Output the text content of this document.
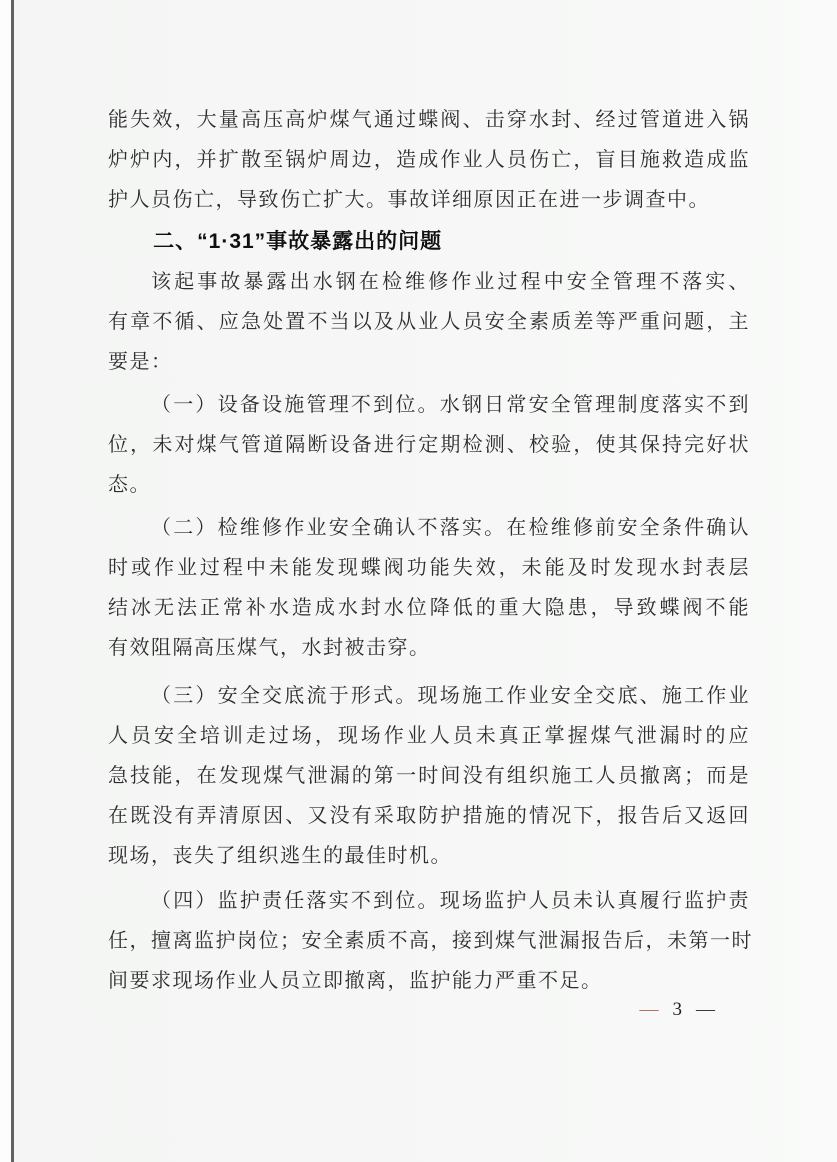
能失效，大量高压高炉煤气通过蝶阀、击穿水封、经过管道进入锅
炉炉内，并扩散至锅炉周边，造成作业人员伤亡，盲目施救造成监
护人员伤亡，导致伤亡扩大。事故详细原因正在进一步调查中。
二、“1·31”事故暴露出的问题
该起事故暴露出水钢在检维修作业过程中安全管理不落实、
有章不循、应急处置不当以及从业人员安全素质差等严重问题，主
要是：
（一）设备设施管理不到位。水钢日常安全管理制度落实不到
位，未对煤气管道隔断设备进行定期检测、校验，使其保持完好状
态。
（二）检维修作业安全确认不落实。在检维修前安全条件确认
时或作业过程中未能发现蝶阀功能失效，未能及时发现水封表层
结冰无法正常补水造成水封水位降低的重大隐患，导致蝶阀不能
有效阻隔高压煤气，水封被击穿。
（三）安全交底流于形式。现场施工作业安全交底、施工作业
人员安全培训走过场，现场作业人员未真正掌握煤气泄漏时的应
急技能，在发现煤气泄漏的第一时间没有组织施工人员撤离；而是
在既没有弄清原因、又没有采取防护措施的情况下，报告后又返回
现场，丧失了组织逃生的最佳时机。
（四）监护责任落实不到位。现场监护人员未认真履行监护责
任，擅离监护岗位；安全素质不高，接到煤气泄漏报告后，未第一时
间要求现场作业人员立即撤离，监护能力严重不足。
— 3 —
